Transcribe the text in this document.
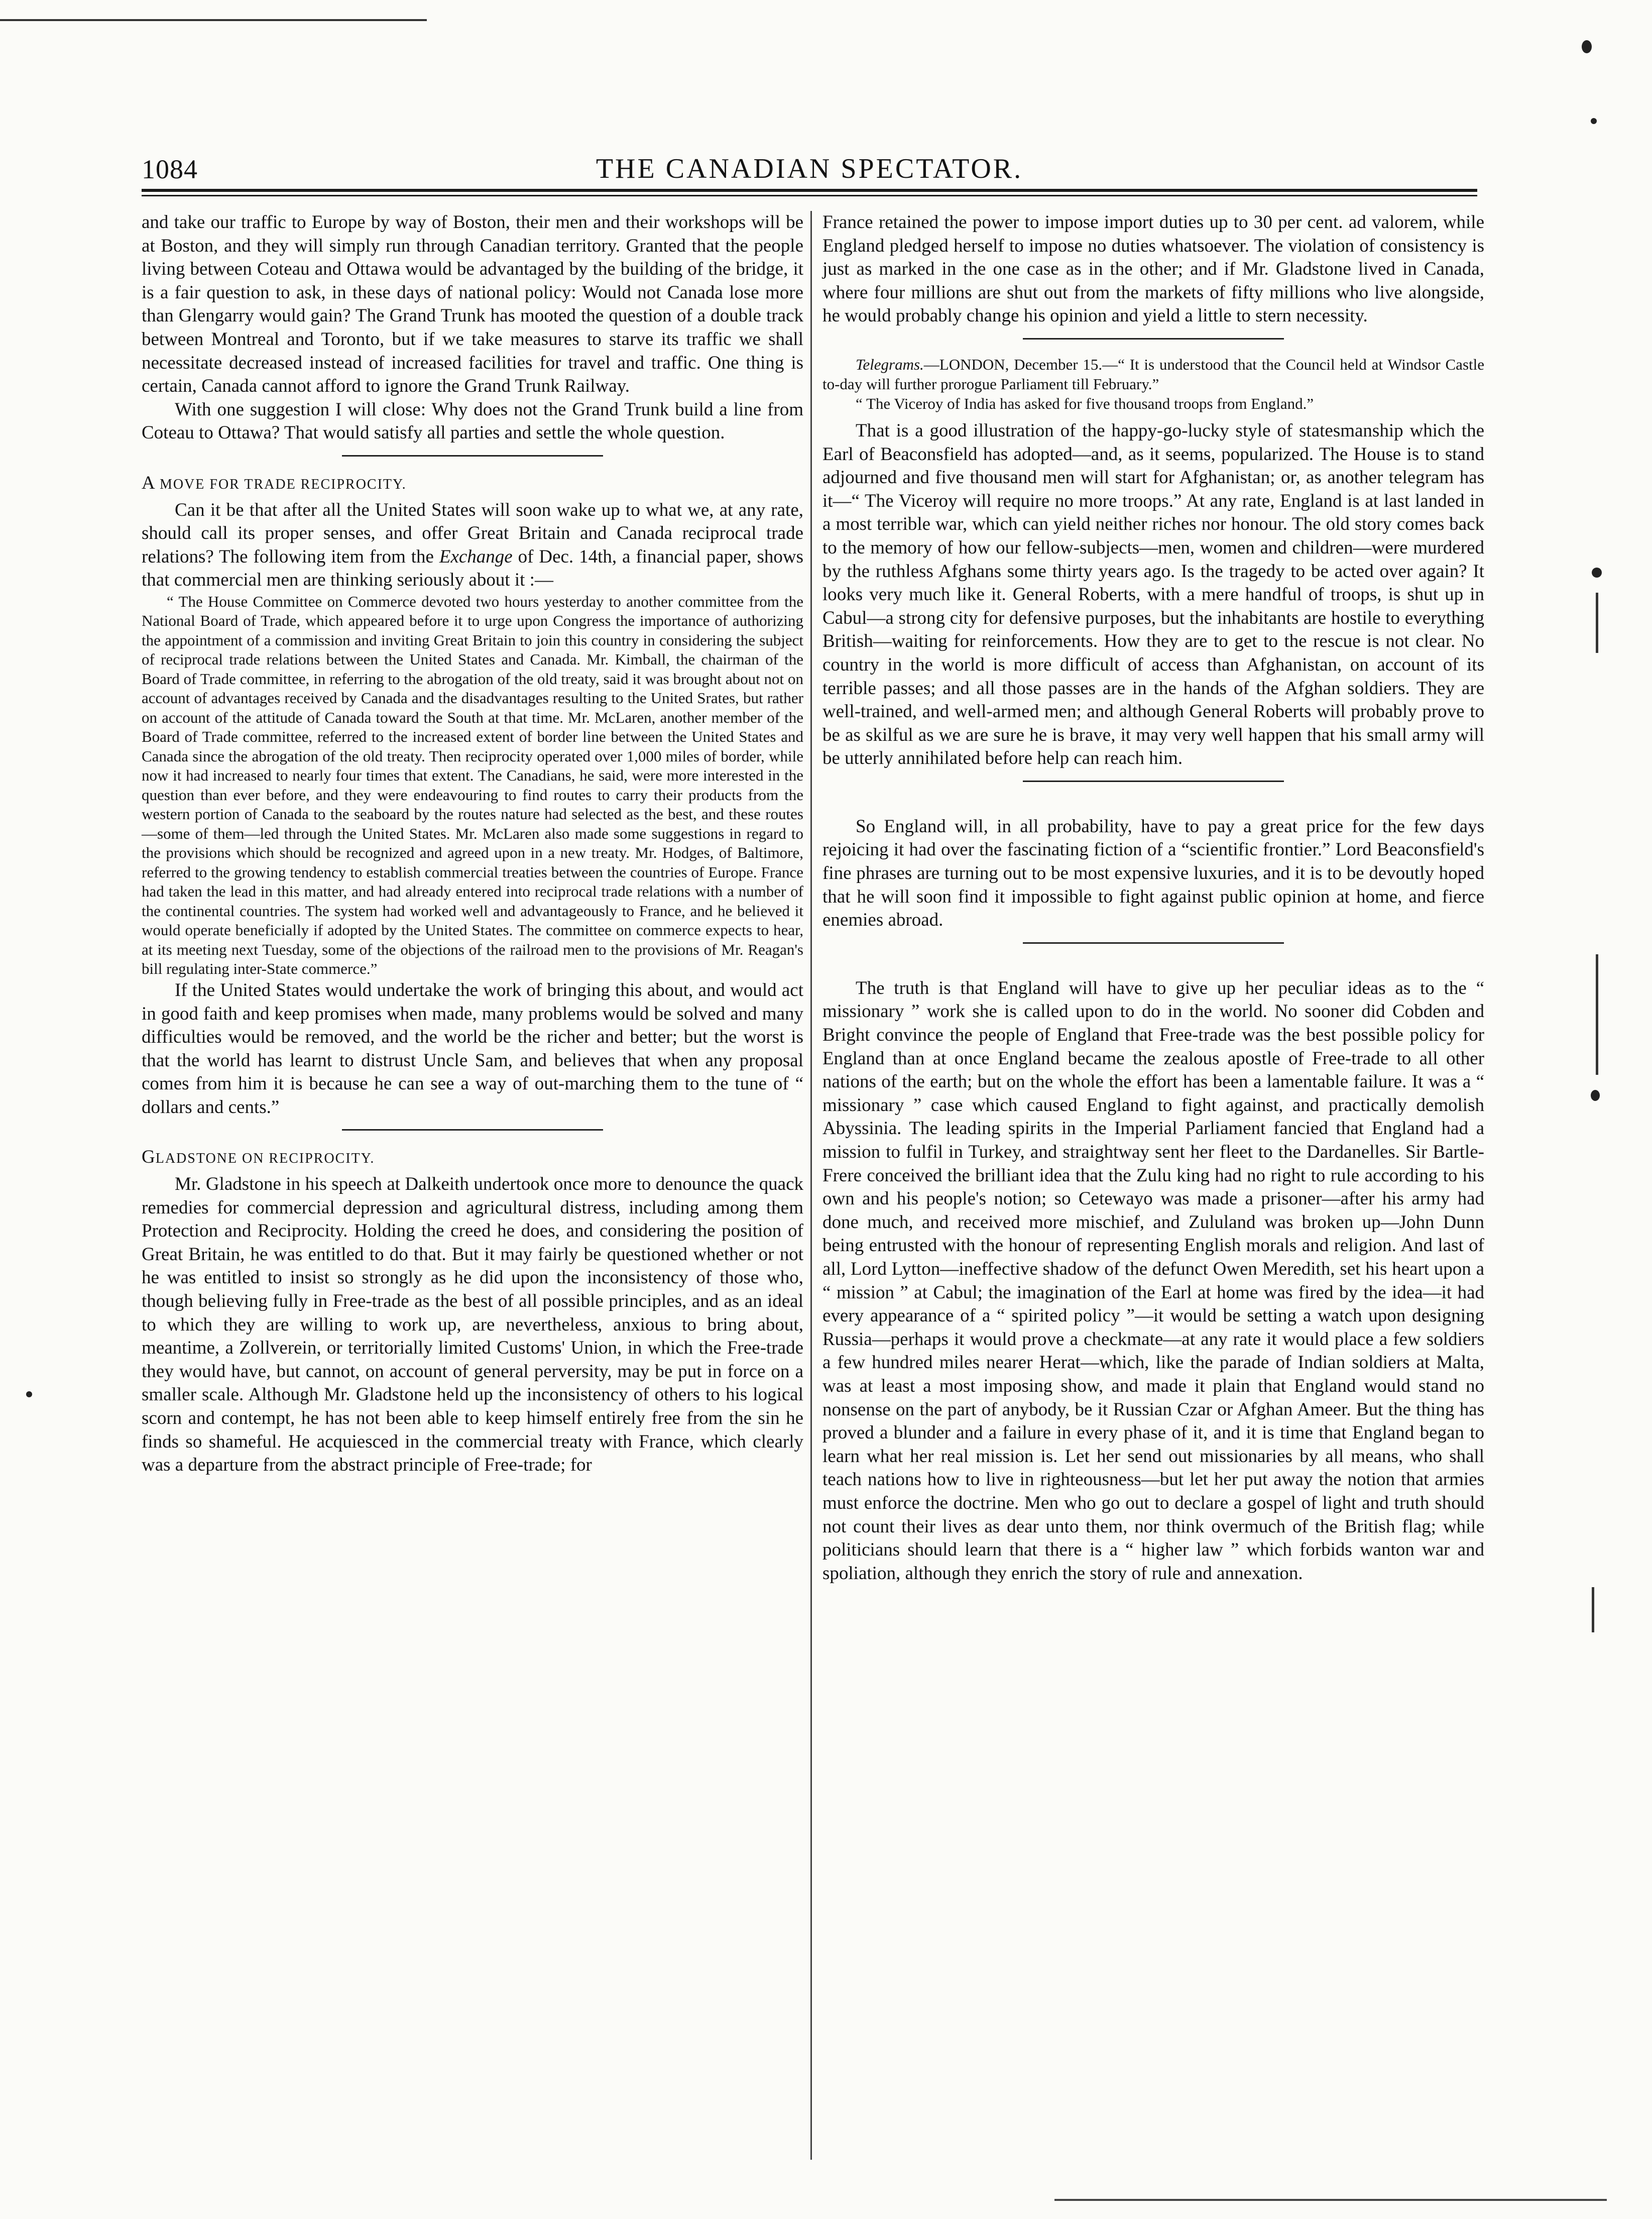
1084	THE CANADIAN SPECTATOR.

and take our traffic to Europe by way of Boston, their men and their workshops will be at Boston, and they will simply run through Canadian territory. Granted that the people living between Coteau and Ottawa would be advantaged by the building of the bridge, it is a fair question to ask, in these days of national policy: Would not Canada lose more than Glengarry would gain? The Grand Trunk has mooted the question of a double track between Montreal and Toronto, but if we take measures to starve its traffic we shall necessitate decreased instead of increased facilities for travel and traffic. One thing is certain, Canada cannot afford to ignore the Grand Trunk Railway.

With one suggestion I will close: Why does not the Grand Trunk build a line from Coteau to Ottawa? That would satisfy all parties and settle the whole question.

A MOVE FOR TRADE RECIPROCITY.

Can it be that after all the United States will soon wake up to what we, at any rate, should call its proper senses, and offer Great Britain and Canada reciprocal trade relations? The following item from the Exchange of Dec. 14th, a financial paper, shows that commercial men are thinking seriously about it :—

“ The House Committee on Commerce devoted two hours yesterday to another committee from the National Board of Trade, which appeared before it to urge upon Congress the importance of authorizing the appointment of a commission and inviting Great Britain to join this country in considering the subject of reciprocal trade relations between the United States and Canada. Mr. Kimball, the chairman of the Board of Trade committee, in referring to the abrogation of the old treaty, said it was brought about not on account of advantages received by Canada and the disadvantages resulting to the United Srates, but rather on account of the attitude of Canada toward the South at that time. Mr. McLaren, another member of the Board of Trade committee, referred to the increased extent of border line between the United States and Canada since the abrogation of the old treaty. Then reciprocity operated over 1,000 miles of border, while now it had increased to nearly four times that extent. The Canadians, he said, were more interested in the question than ever before, and they were endeavouring to find routes to carry their products from the western portion of Canada to the seaboard by the routes nature had selected as the best, and these routes—some of them—led through the United States. Mr. McLaren also made some suggestions in regard to the provisions which should be recognized and agreed upon in a new treaty. Mr. Hodges, of Baltimore, referred to the growing tendency to establish commercial treaties between the countries of Europe. France had taken the lead in this matter, and had already entered into reciprocal trade relations with a number of the continental countries. The system had worked well and advantageously to France, and he believed it would operate beneficially if adopted by the United States. The committee on commerce expects to hear, at its meeting next Tuesday, some of the objections of the railroad men to the provisions of Mr. Reagan's bill regulating inter-State commerce.”

If the United States would undertake the work of bringing this about, and would act in good faith and keep promises when made, many problems would be solved and many difficulties would be removed, and the world be the richer and better; but the worst is that the world has learnt to distrust Uncle Sam, and believes that when any proposal comes from him it is because he can see a way of out-marching them to the tune of “ dollars and cents.”

GLADSTONE ON RECIPROCITY.

Mr. Gladstone in his speech at Dalkeith undertook once more to denounce the quack remedies for commercial depression and agricultural distress, including among them Protection and Reciprocity. Holding the creed he does, and considering the position of Great Britain, he was entitled to do that. But it may fairly be questioned whether or not he was entitled to insist so strongly as he did upon the inconsistency of those who, though believing fully in Free-trade as the best of all possible principles, and as an ideal to which they are willing to work up, are nevertheless, anxious to bring about, meantime, a Zollverein, or territorially limited Customs' Union, in which the Free-trade they would have, but cannot, on account of general perversity, may be put in force on a smaller scale. Although Mr. Gladstone held up the inconsistency of others to his logical scorn and contempt, he has not been able to keep himself entirely free from the sin he finds so shameful. He acquiesced in the commercial treaty with France, which clearly was a departure from the abstract principle of Free-trade; for

France retained the power to impose import duties up to 30 per cent. ad valorem, while England pledged herself to impose no duties whatsoever. The violation of consistency is just as marked in the one case as in the other; and if Mr. Gladstone lived in Canada, where four millions are shut out from the markets of fifty millions who live alongside, he would probably change his opinion and yield a little to stern necessity.

Telegrams.—LONDON, December 15.—“ It is understood that the Council held at Windsor Castle to-day will further prorogue Parliament till February.”

“ The Viceroy of India has asked for five thousand troops from England.”

That is a good illustration of the happy-go-lucky style of statesmanship which the Earl of Beaconsfield has adopted—and, as it seems, popularized. The House is to stand adjourned and five thousand men will start for Afghanistan; or, as another telegram has it—“ The Viceroy will require no more troops.” At any rate, England is at last landed in a most terrible war, which can yield neither riches nor honour. The old story comes back to the memory of how our fellow-subjects—men, women and children—were murdered by the ruthless Afghans some thirty years ago. Is the tragedy to be acted over again? It looks very much like it. General Roberts, with a mere handful of troops, is shut up in Cabul—a strong city for defensive purposes, but the inhabitants are hostile to everything British—waiting for reinforcements. How they are to get to the rescue is not clear. No country in the world is more difficult of access than Afghanistan, on account of its terrible passes; and all those passes are in the hands of the Afghan soldiers. They are well-trained, and well-armed men; and although General Roberts will probably prove to be as skilful as we are sure he is brave, it may very well happen that his small army will be utterly annihilated before help can reach him.

So England will, in all probability, have to pay a great price for the few days rejoicing it had over the fascinating fiction of a “scientific frontier.” Lord Beaconsfield's fine phrases are turning out to be most expensive luxuries, and it is to be devoutly hoped that he will soon find it impossible to fight against public opinion at home, and fierce enemies abroad.

The truth is that England will have to give up her peculiar ideas as to the “ missionary ” work she is called upon to do in the world. No sooner did Cobden and Bright convince the people of England that Free-trade was the best possible policy for England than at once England became the zealous apostle of Free-trade to all other nations of the earth; but on the whole the effort has been a lamentable failure. It was a “ missionary ” case which caused England to fight against, and practically demolish Abyssinia. The leading spirits in the Imperial Parliament fancied that England had a mission to fulfil in Turkey, and straightway sent her fleet to the Dardanelles. Sir Bartle-Frere conceived the brilliant idea that the Zulu king had no right to rule according to his own and his people's notion; so Cetewayo was made a prisoner—after his army had done much, and received more mischief, and Zululand was broken up—John Dunn being entrusted with the honour of representing English morals and religion. And last of all, Lord Lytton—ineffective shadow of the defunct Owen Meredith, set his heart upon a “ mission ” at Cabul; the imagination of the Earl at home was fired by the idea—it had every appearance of a “ spirited policy ”—it would be setting a watch upon designing Russia—perhaps it would prove a checkmate—at any rate it would place a few soldiers a few hundred miles nearer Herat—which, like the parade of Indian soldiers at Malta, was at least a most imposing show, and made it plain that England would stand no nonsense on the part of anybody, be it Russian Czar or Afghan Ameer. But the thing has proved a blunder and a failure in every phase of it, and it is time that England began to learn what her real mission is. Let her send out missionaries by all means, who shall teach nations how to live in righteousness—but let her put away the notion that armies must enforce the doctrine. Men who go out to declare a gospel of light and truth should not count their lives as dear unto them, nor think overmuch of the British flag; while politicians should learn that there is a “ higher law ” which forbids wanton war and spoliation, although they enrich the story of rule and annexation.
